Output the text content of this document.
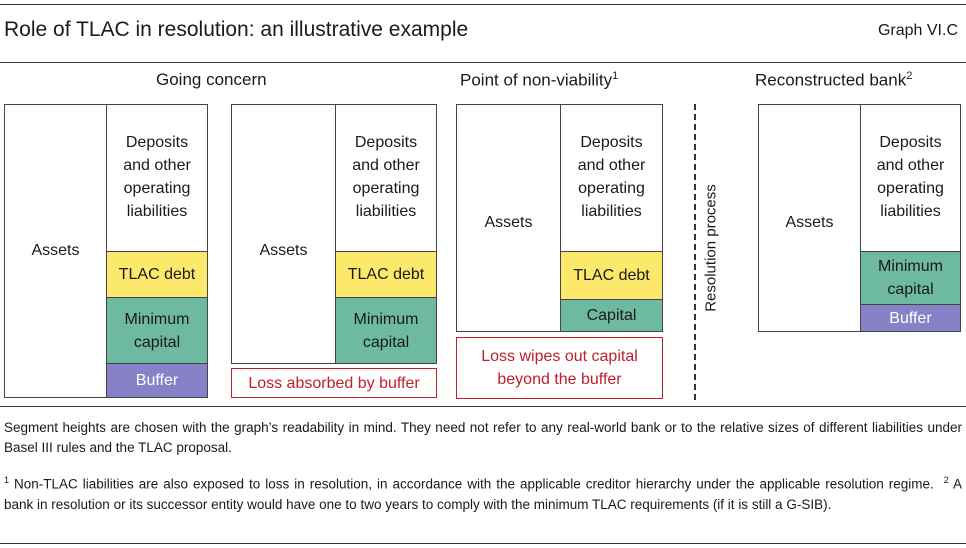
Role of TLAC in resolution: an illustrative example	Graph VI.C
Going concern	Point of non-viability$^1$	Reconstructed bank$^2$
Assets
Deposits and other operating liabilities
TLAC debt
Minimum capital
Buffer
Assets
Deposits and other operating liabilities
TLAC debt
Minimum capital
Loss absorbed by buffer
Assets
Deposits and other operating liabilities
TLAC debt
Capital
Loss wipes out capital beyond the buffer
Resolution process	Assets
Deposits and other operating liabilities
Minimum capital
Buffer
Segment heights are chosen with the graph’s readability in mind. They need not refer to any real-world bank or to the relative sizes of different liabilities under Basel III rules and the TLAC proposal.
$^1$ Non-TLAC liabilities are also exposed to loss in resolution, in accordance with the applicable creditor hierarchy under the applicable resolution regime. $^2$ A bank in resolution or its successor entity would have one to two years to comply with the minimum TLAC requirements (if it is still a G-SIB).
